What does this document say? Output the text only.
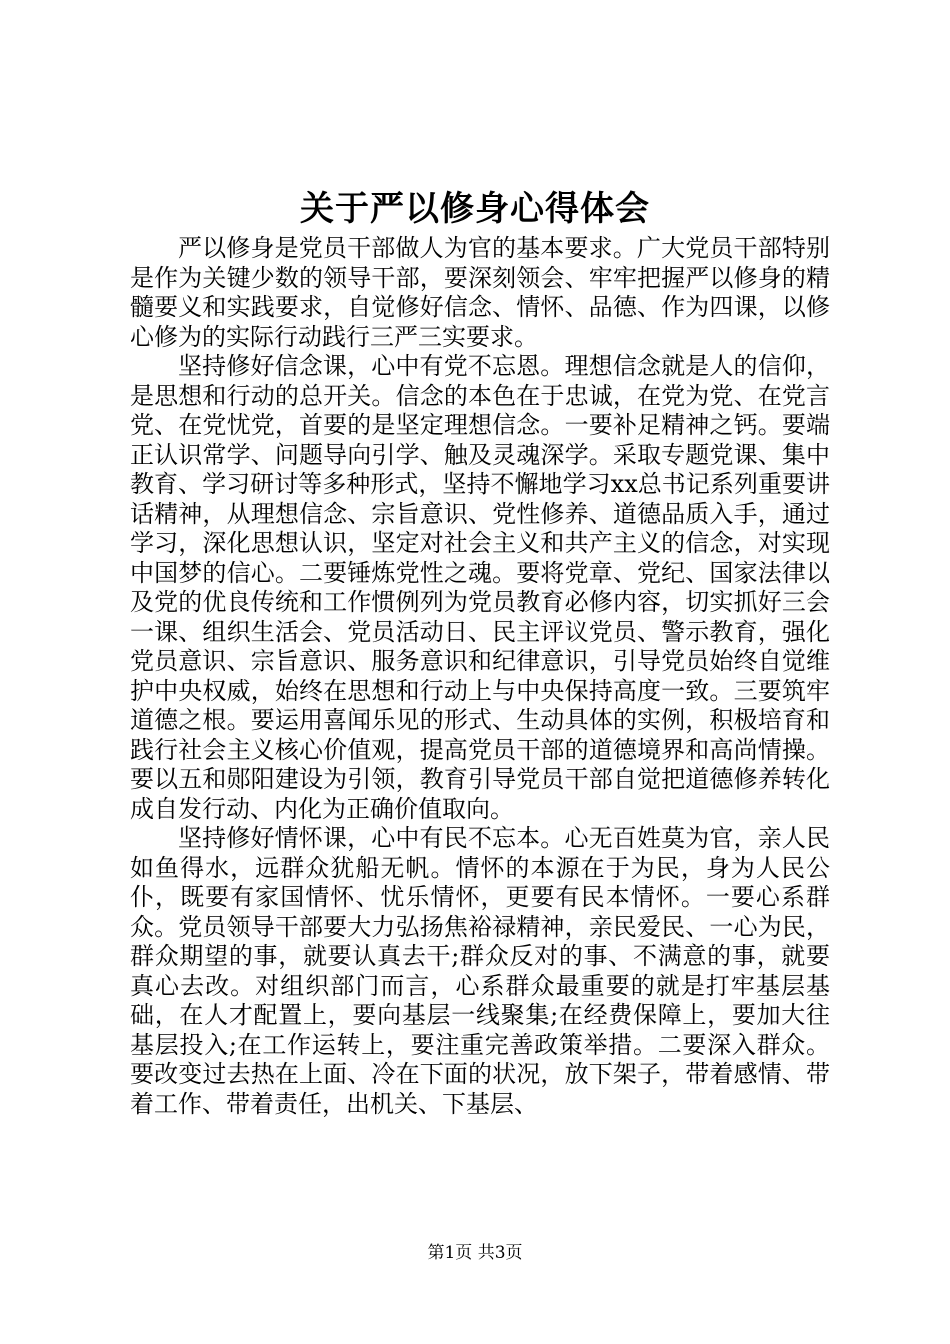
关于严以修身心得体会

严以修身是党员干部做人为官的基本要求。广大党员干部特别是作为关键少数的领导干部，要深刻领会、牢牢把握严以修身的精髓要义和实践要求，自觉修好信念、情怀、品德、作为四课，以修心修为的实际行动践行三严三实要求。

坚持修好信念课，心中有党不忘恩。理想信念就是人的信仰，是思想和行动的总开关。信念的本色在于忠诚，在党为党、在党言党、在党忧党，首要的是坚定理想信念。一要补足精神之钙。要端正认识常学、问题导向引学、触及灵魂深学。采取专题党课、集中教育、学习研讨等多种形式，坚持不懈地学习xx总书记系列重要讲话精神，从理想信念、宗旨意识、党性修养、道德品质入手，通过学习，深化思想认识，坚定对社会主义和共产主义的信念，对实现中国梦的信心。二要锤炼党性之魂。要将党章、党纪、国家法律以及党的优良传统和工作惯例列为党员教育必修内容，切实抓好三会一课、组织生活会、党员活动日、民主评议党员、警示教育，强化党员意识、宗旨意识、服务意识和纪律意识，引导党员始终自觉维护中央权威，始终在思想和行动上与中央保持高度一致。三要筑牢道德之根。要运用喜闻乐见的形式、生动具体的实例，积极培育和践行社会主义核心价值观，提高党员干部的道德境界和高尚情操。要以五和郧阳建设为引领，教育引导党员干部自觉把道德修养转化成自发行动、内化为正确价值取向。

坚持修好情怀课，心中有民不忘本。心无百姓莫为官，亲人民如鱼得水，远群众犹船无帆。情怀的本源在于为民，身为人民公仆，既要有家国情怀、忧乐情怀，更要有民本情怀。一要心系群众。党员领导干部要大力弘扬焦裕禄精神，亲民爱民、一心为民，群众期望的事，就要认真去干;群众反对的事、不满意的事，就要真心去改。对组织部门而言，心系群众最重要的就是打牢基层基础，在人才配置上，要向基层一线聚集;在经费保障上，要加大往基层投入;在工作运转上，要注重完善政策举措。二要深入群众。要改变过去热在上面、冷在下面的状况，放下架子，带着感情、带着工作、带着责任，出机关、下基层、

第1页 共3页
